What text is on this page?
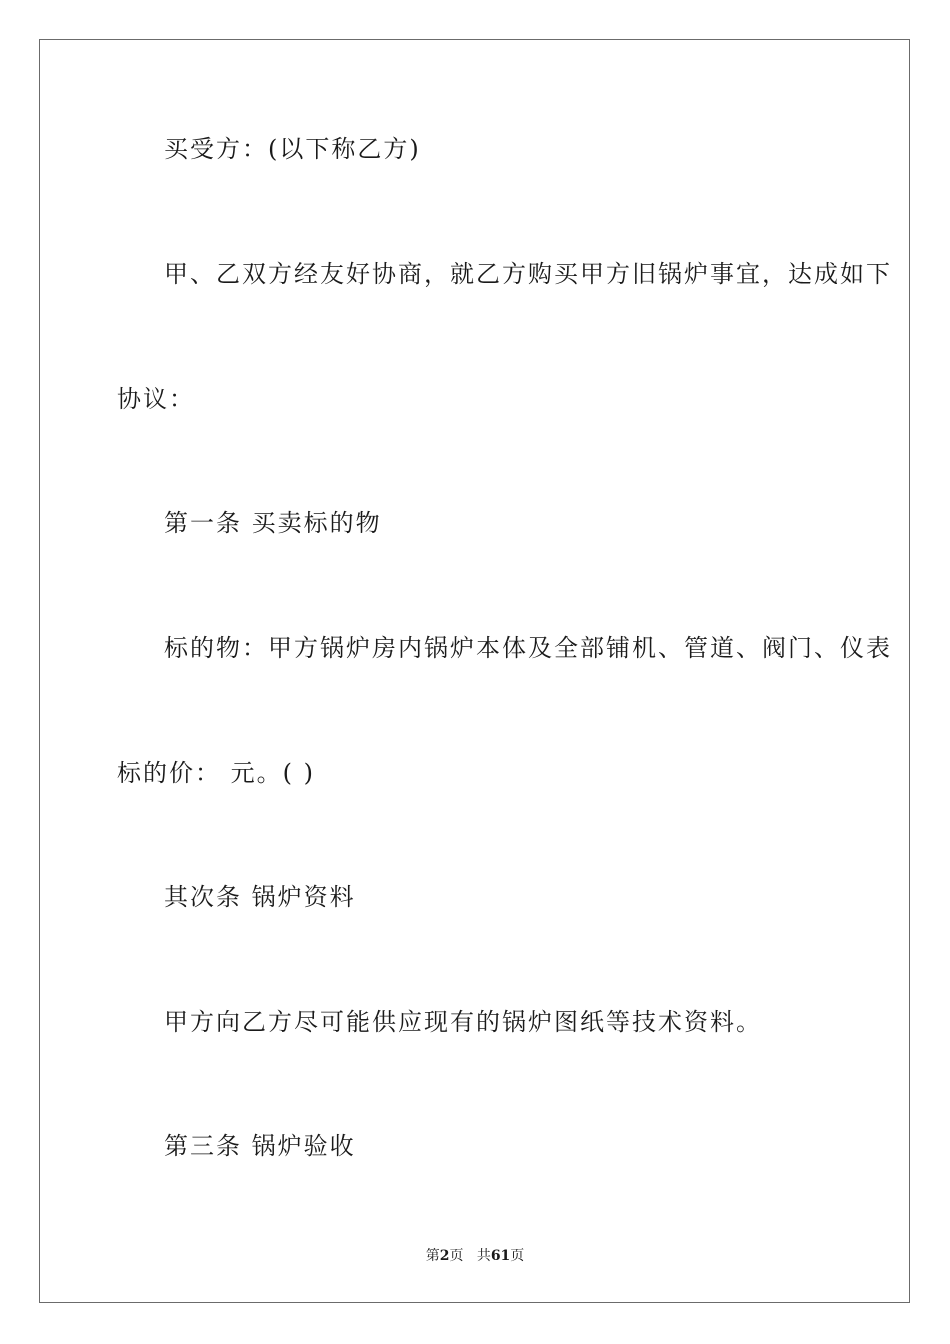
买受方：(以下称乙方)
甲、乙双方经友好协商，就乙方购买甲方旧锅炉事宜，达成如下
协议：
第一条 买卖标的物
标的物：甲方锅炉房内锅炉本体及全部铺机、管道、阀门、仪表
标的价： 元。( )
其次条 锅炉资料
甲方向乙方尽可能供应现有的锅炉图纸等技术资料。
第三条 锅炉验收
第2页 共61页
